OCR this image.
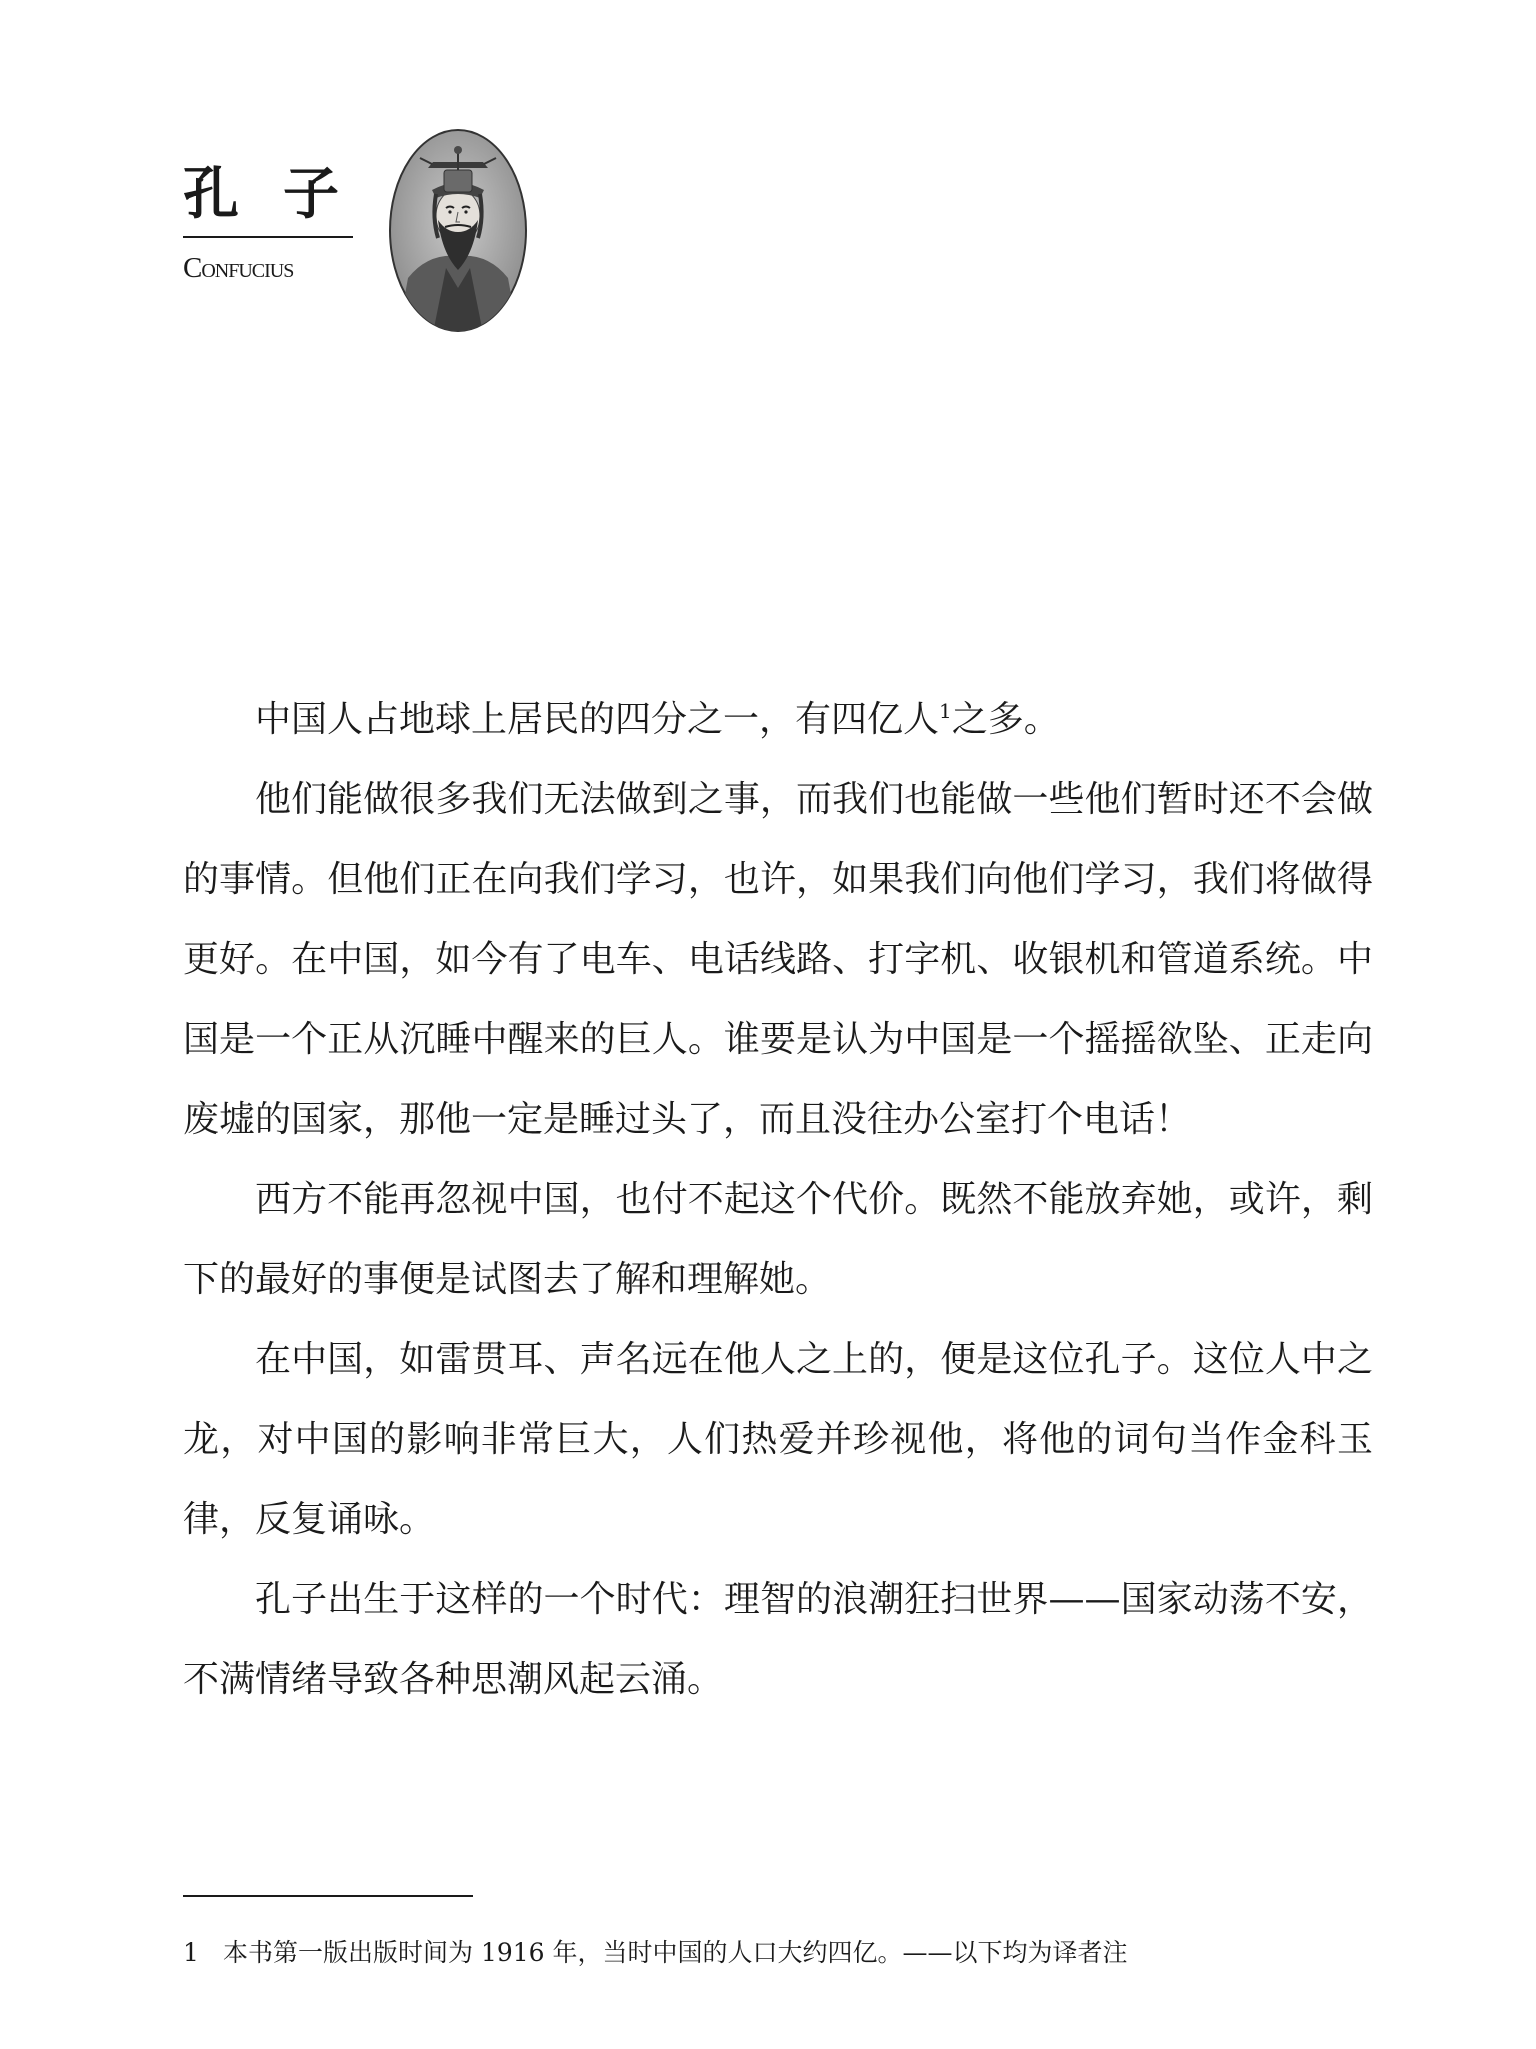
孔子
Confucius

中国人占地球上居民的四分之一，有四亿人$^1$之多。

他们能做很多我们无法做到之事，而我们也能做一些他们暂时还不会做的事情。但他们正在向我们学习，也许，如果我们向他们学习，我们将做得更好。在中国，如今有了电车、电话线路、打字机、收银机和管道系统。中国是一个正从沉睡中醒来的巨人。谁要是认为中国是一个摇摇欲坠、正走向废墟的国家，那他一定是睡过头了，而且没往办公室打个电话！

西方不能再忽视中国，也付不起这个代价。既然不能放弃她，或许，剩下的最好的事便是试图去了解和理解她。

在中国，如雷贯耳、声名远在他人之上的，便是这位孔子。这位人中之龙，对中国的影响非常巨大，人们热爱并珍视他，将他的词句当作金科玉律，反复诵咏。

孔子出生于这样的一个时代：理智的浪潮狂扫世界——国家动荡不安，不满情绪导致各种思潮风起云涌。

1 本书第一版出版时间为 1916 年，当时中国的人口大约四亿。——以下均为译者注
